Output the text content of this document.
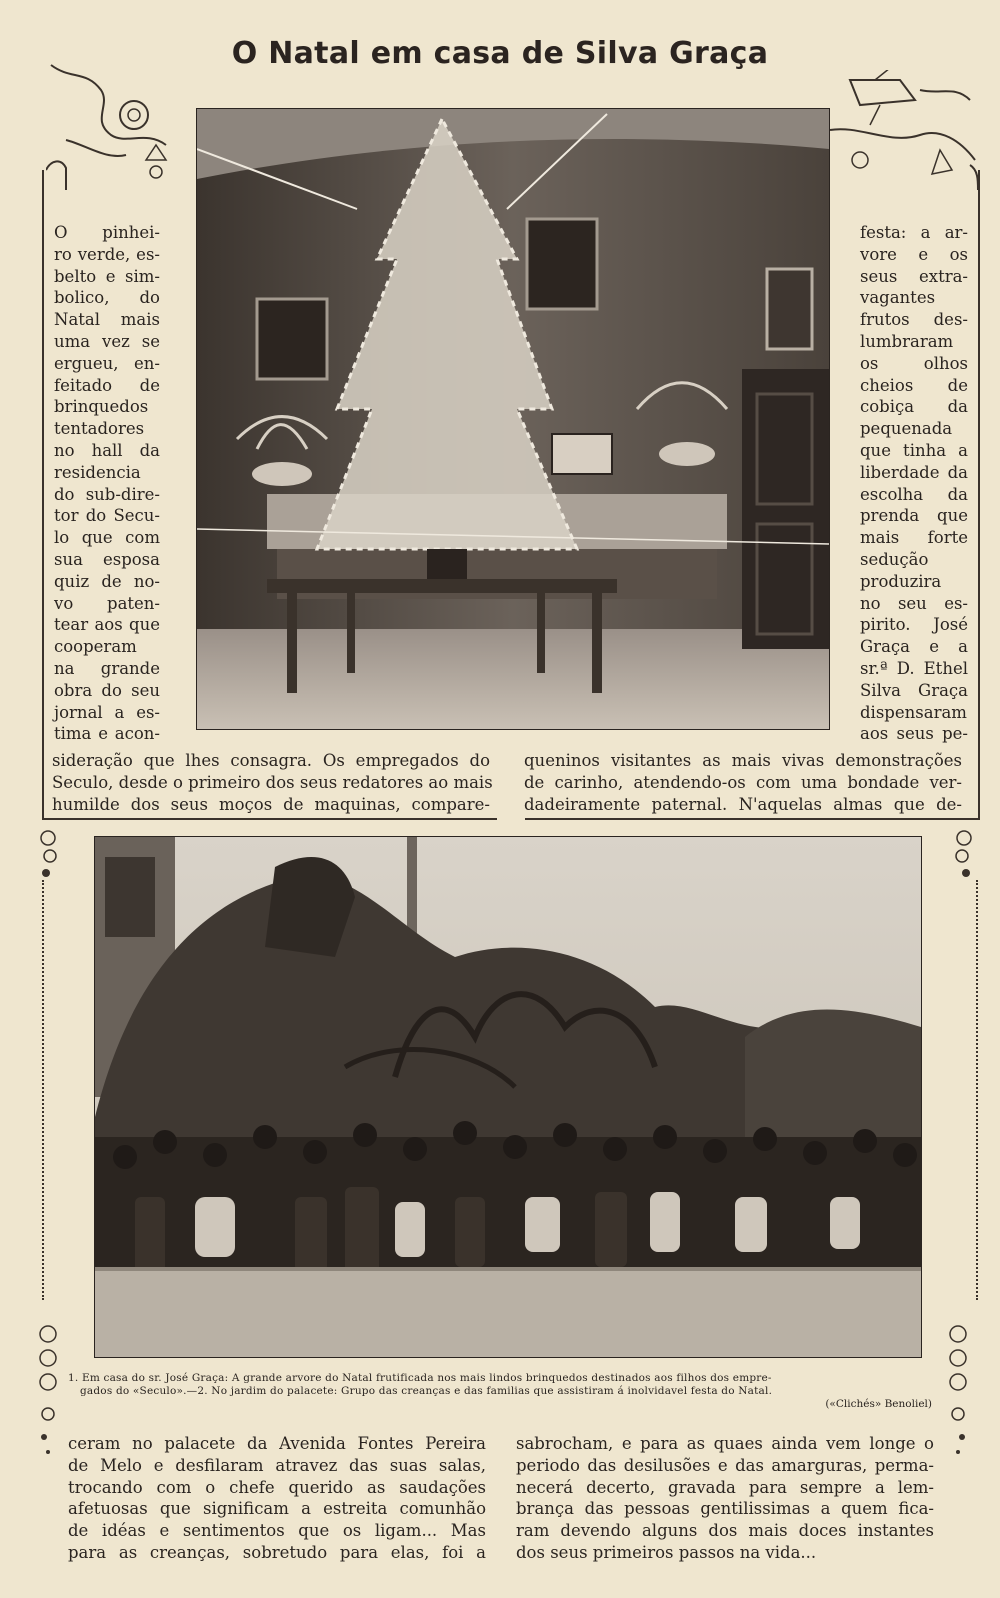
O Natal em casa de Silva Graça
O pinhei-
ro verde, es-
belto e sim-
bolico, do
Natal mais
uma vez se
ergueu, en-
feitado de
brinquedos
tentadores
no hall da
residencia
do sub-dire-
tor do Secu-
lo que com
sua esposa
quiz de no-
vo paten-
tear aos que
cooperam
na grande
obra do seu
jornal a es-
tima e acon-
festa: a ar-
vore e os
seus extra-
vagantes
frutos des-
lumbraram
os olhos
cheios de
cobiça da
pequenada
que tinha a
liberdade da
escolha da
prenda que
mais forte
sedução
produzira
no seu es-
pirito. José
Graça e a
sr.ª D. Ethel
Silva Graça
dispensaram
aos seus pe-
sideração que lhes consagra. Os empregados do
Seculo, desde o primeiro dos seus redatores ao mais
humilde dos seus moços de maquinas, compare-
queninos visitantes as mais vivas demonstrações
de carinho, atendendo-os com uma bondade ver-
dadeiramente paternal. N'aquelas almas que de-
1. Em casa do sr. José Graça: A grande arvore do Natal frutificada nos mais lindos brinquedos destinados aos filhos dos empre-
gados do «Seculo».—2. No jardim do palacete: Grupo das creanças e das familias que assistiram á inolvidavel festa do Natal.
(«Clichés» Benoliel)
ceram no palacete da Avenida Fontes Pereira
de Melo e desfilaram atravez das suas salas,
trocando com o chefe querido as saudações
afetuosas que significam a estreita comunhão
de idéas e sentimentos que os ligam... Mas
para as creanças, sobretudo para elas, foi a
sabrocham, e para as quaes ainda vem longe o
periodo das desilusões e das amarguras, perma-
necerá decerto, gravada para sempre a lem-
brança das pessoas gentilissimas a quem fica-
ram devendo alguns dos mais doces instantes
dos seus primeiros passos na vida...
